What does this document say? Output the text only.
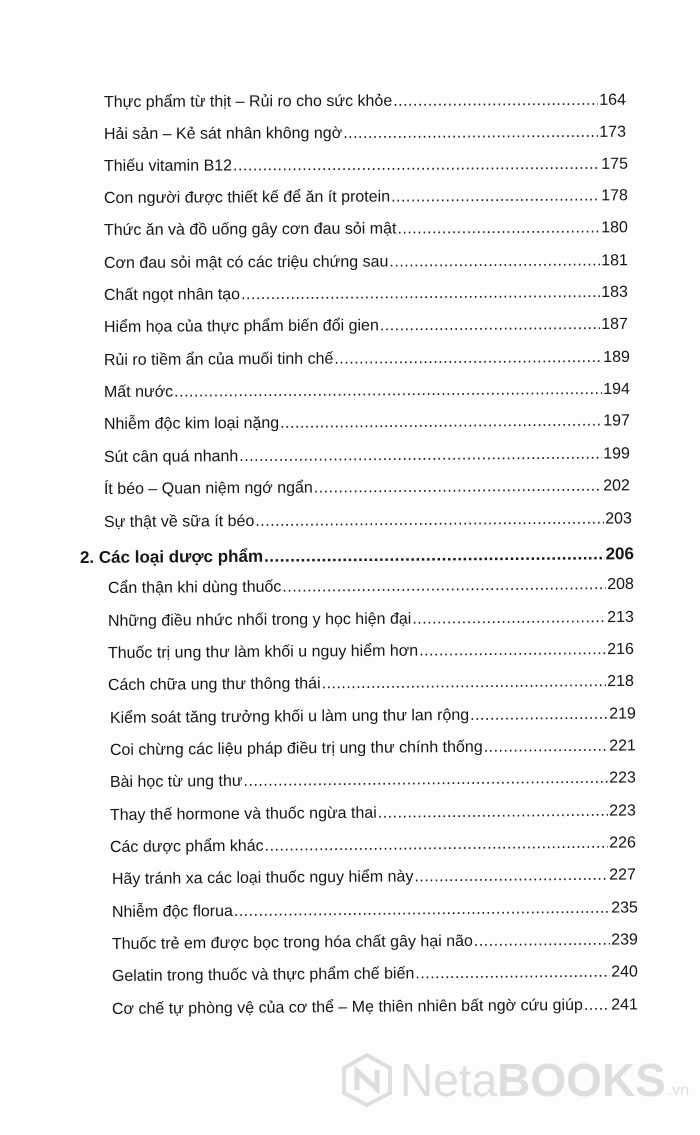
Thực phẩm từ thịt – Rủi ro cho sức khỏe .....	164
Hải sản – Kẻ sát nhân không ngờ .....	173
Thiếu vitamin B12 .....	175
Con người được thiết kế để ăn ít protein .....	178
Thức ăn và đồ uống gây cơn đau sỏi mật .....	180
Cơn đau sỏi mật có các triệu chứng sau .....	181
Chất ngọt nhân tạo .....	183
Hiểm họa của thực phẩm biến đổi gien .....	187
Rủi ro tiềm ẩn của muối tinh chế .....	189
Mất nước .....	194
Nhiễm độc kim loại nặng .....	197
Sút cân quá nhanh .....	199
Ít béo – Quan niệm ngớ ngẩn .....	202
Sự thật về sữa ít béo .....	203
2. Các loại dược phẩm .....	206
Cẩn thận khi dùng thuốc .....	208
Những điều nhức nhối trong y học hiện đại .....	213
Thuốc trị ung thư làm khối u nguy hiểm hơn .....	216
Cách chữa ung thư thông thái .....	218
Kiểm soát tăng trưởng khối u làm ung thư lan rộng .....	219
Coi chừng các liệu pháp điều trị ung thư chính thống .....	221
Bài học từ ung thư .....	223
Thay thế hormone và thuốc ngừa thai .....	223
Các dược phẩm khác .....	226
Hãy tránh xa các loại thuốc nguy hiểm này .....	227
Nhiễm độc florua .....	235
Thuốc trẻ em được bọc trong hóa chất gây hại não .....	239
Gelatin trong thuốc và thực phẩm chế biến .....	240
Cơ chế tự phòng vệ của cơ thể – Mẹ thiên nhiên bất ngờ cứu giúp ..... 241
NetaBOOKS .vn
